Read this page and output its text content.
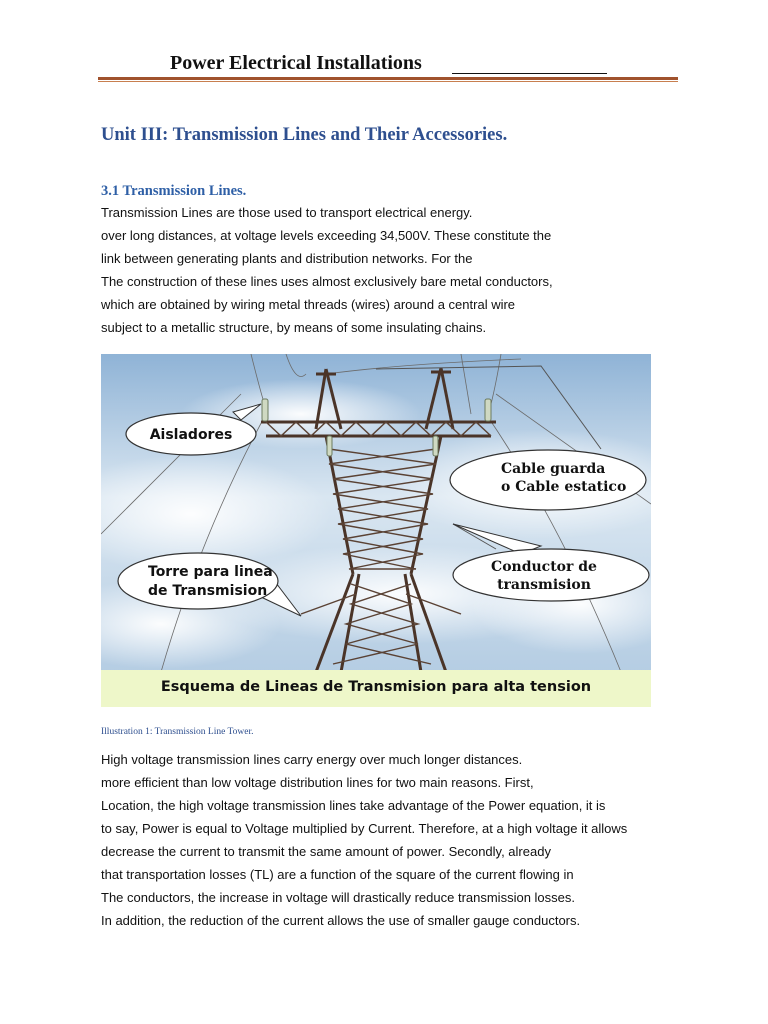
Power Electrical Installations
Unit III: Transmission Lines and Their Accessories.
3.1 Transmission Lines.

Transmission Lines are those used to transport electrical energy.
over long distances, at voltage levels exceeding 34,500V. These constitute the
link between generating plants and distribution networks. For the
The construction of these lines uses almost exclusively bare metal conductors,
which are obtained by wiring metal threads (wires) around a central wire
subject to a metallic structure, by means of some insulating chains.

Aisladores
Cable guarda
o Cable estatico
Conductor de
transmision
Torre para linea
de Transmision
Esquema de Lineas de Transmision para alta tension

Illustration 1: Transmission Line Tower.

High voltage transmission lines carry energy over much longer distances.
more efficient than low voltage distribution lines for two main reasons. First,
Location, the high voltage transmission lines take advantage of the Power equation, it is
to say, Power is equal to Voltage multiplied by Current. Therefore, at a high voltage it allows
decrease the current to transmit the same amount of power. Secondly, already
that transportation losses (TL) are a function of the square of the current flowing in
The conductors, the increase in voltage will drastically reduce transmission losses.
In addition, the reduction of the current allows the use of smaller gauge conductors.
